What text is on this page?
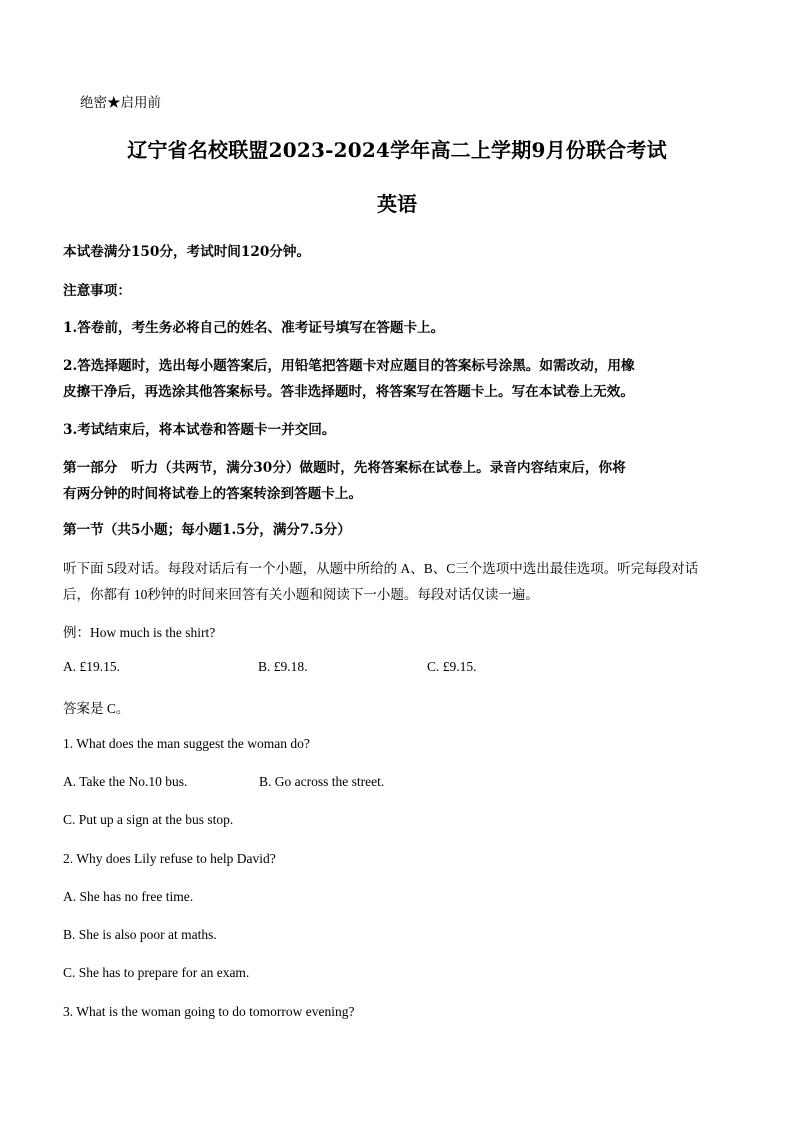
绝密★启用前
辽宁省名校联盟2023-2024学年高二上学期9月份联合考试
英语
本试卷满分150分，考试时间120分钟。
注意事项：
1.答卷前，考生务必将自己的姓名、准考证号填写在答题卡上。
2.答选择题时，选出每小题答案后，用铅笔把答题卡对应题目的答案标号涂黑。如需改动，用橡
皮擦干净后，再选涂其他答案标号。答非选择题时，将答案写在答题卡上。写在本试卷上无效。
3.考试结束后，将本试卷和答题卡一并交回。
第一部分　听力（共两节，满分30分）做题时，先将答案标在试卷上。录音内容结束后，你将
有两分钟的时间将试卷上的答案转涂到答题卡上。
第一节（共5小题；每小题1.5分，满分7.5分）
听下面 5段对话。每段对话后有一个小题，从题中所给的 A、B、C三个选项中选出最佳选项。听完每段对话
后，你都有 10秒钟的时间来回答有关小题和阅读下一小题。每段对话仅读一遍。
例：How much is the shirt?
A. £19.15.	B. £9.18.	C. £9.15.
答案是 C。
1. What does the man suggest the woman do?
A. Take the No.10 bus.	B. Go across the street.
C. Put up a sign at the bus stop.
2. Why does Lily refuse to help David?
A. She has no free time.
B. She is also poor at maths.
C. She has to prepare for an exam.
3. What is the woman going to do tomorrow evening?
